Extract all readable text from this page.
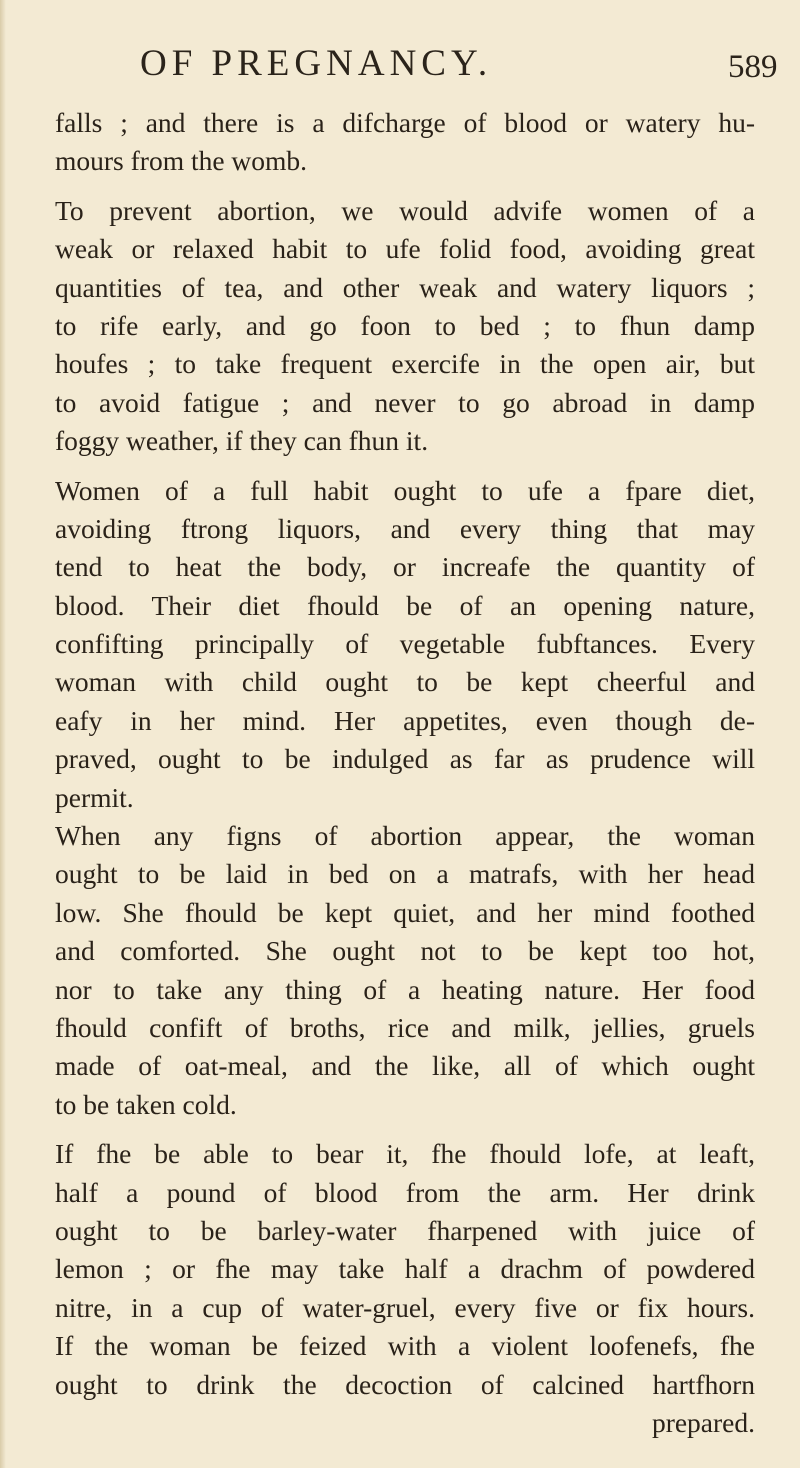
OF PREGNANCY.	589
falls ; and there is a difcharge of blood or watery hu-
mours from the womb.
To prevent abortion, we would advife women of a
weak or relaxed habit to ufe folid food, avoiding great
quantities of tea, and other weak and watery liquors ;
to rife early, and go foon to bed ; to fhun damp
houfes ; to take frequent exercife in the open air, but
to avoid fatigue ; and never to go abroad in damp
foggy weather, if they can fhun it.
Women of a full habit ought to ufe a fpare diet,
avoiding ftrong liquors, and every thing that may
tend to heat the body, or increafe the quantity of
blood. Their diet fhould be of an opening nature,
confifting principally of vegetable fubftances. Every
woman with child ought to be kept cheerful and
eafy in her mind. Her appetites, even though de-
praved, ought to be indulged as far as prudence will
permit.
When any figns of abortion appear, the woman
ought to be laid in bed on a matrafs, with her head
low. She fhould be kept quiet, and her mind foothed
and comforted. She ought not to be kept too hot,
nor to take any thing of a heating nature. Her food
fhould confift of broths, rice and milk, jellies, gruels
made of oat-meal, and the like, all of which ought
to be taken cold.
If fhe be able to bear it, fhe fhould lofe, at leaft,
half a pound of blood from the arm. Her drink
ought to be barley-water fharpened with juice of
lemon ; or fhe may take half a drachm of powdered
nitre, in a cup of water-gruel, every five or fix hours.
If the woman be feized with a violent loofenefs, fhe
ought to drink the decoction of calcined hartfhorn
prepared.
